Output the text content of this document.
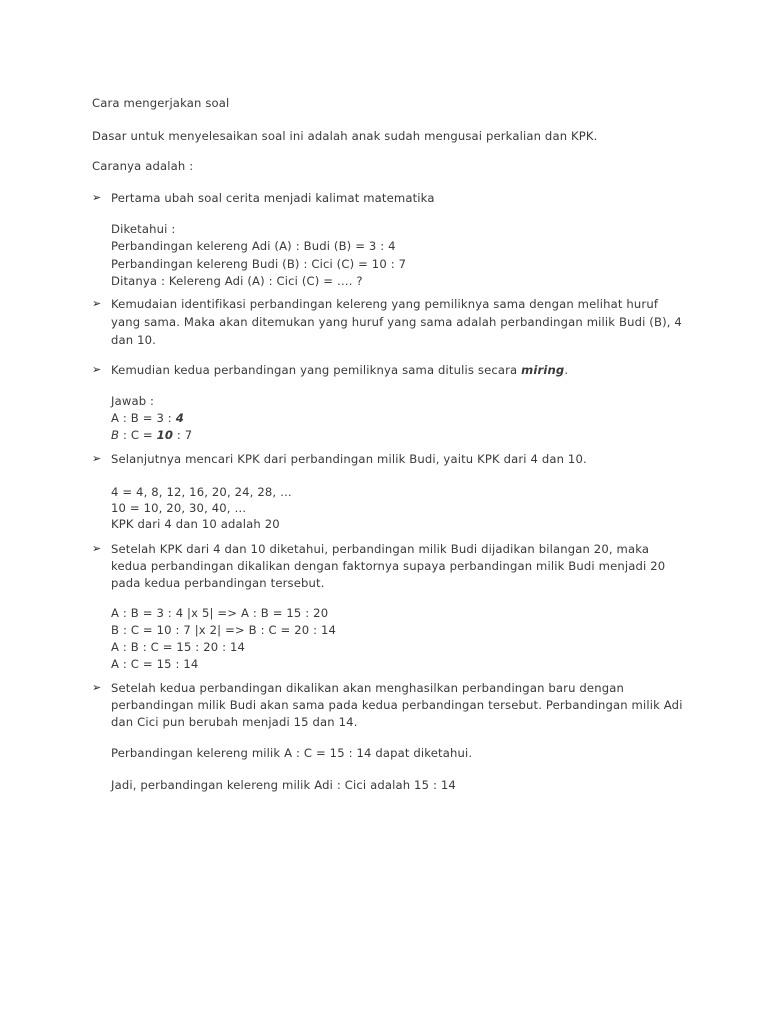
Cara mengerjakan soal
Dasar untuk menyelesaikan soal ini adalah anak sudah mengusai perkalian dan KPK.
Caranya adalah :
➢ Pertama ubah soal cerita menjadi kalimat matematika
Diketahui :
Perbandingan kelereng Adi (A) : Budi (B) = 3 : 4
Perbandingan kelereng Budi (B) : Cici (C) = 10 : 7
Ditanya : Kelereng Adi (A) : Cici (C) = …. ?
➢ Kemudaian identifikasi perbandingan kelereng yang pemiliknya sama dengan melihat huruf
yang sama. Maka akan ditemukan yang huruf yang sama adalah perbandingan milik Budi (B), 4
dan 10.
➢ Kemudian kedua perbandingan yang pemiliknya sama ditulis secara miring.
Jawab :
A : B = 3 : 4
B : C = 10 : 7
➢ Selanjutnya mencari KPK dari perbandingan milik Budi, yaitu KPK dari 4 dan 10.
4 = 4, 8, 12, 16, 20, 24, 28, …
10 = 10, 20, 30, 40, …
KPK dari 4 dan 10 adalah 20
➢ Setelah KPK dari 4 dan 10 diketahui, perbandingan milik Budi dijadikan bilangan 20, maka
kedua perbandingan dikalikan dengan faktornya supaya perbandingan milik Budi menjadi 20
pada kedua perbandingan tersebut.
A : B = 3 : 4 |x 5| => A : B = 15 : 20
B : C = 10 : 7 |x 2| => B : C = 20 : 14
A : B : C = 15 : 20 : 14
A : C = 15 : 14
➢ Setelah kedua perbandingan dikalikan akan menghasilkan perbandingan baru dengan
perbandingan milik Budi akan sama pada kedua perbandingan tersebut. Perbandingan milik Adi
dan Cici pun berubah menjadi 15 dan 14.
Perbandingan kelereng milik A : C = 15 : 14 dapat diketahui.
Jadi, perbandingan kelereng milik Adi : Cici adalah 15 : 14
